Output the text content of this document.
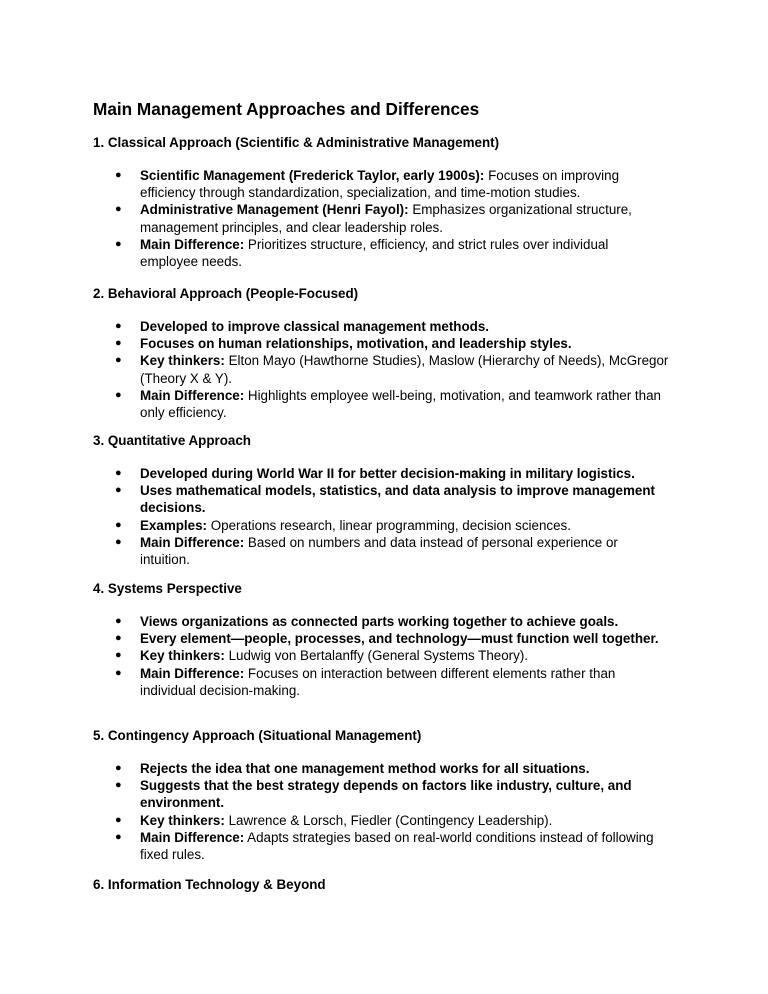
Main Management Approaches and Differences
1. Classical Approach (Scientific & Administrative Management)
● Scientific Management (Frederick Taylor, early 1900s): Focuses on improving efficiency through standardization, specialization, and time-motion studies.
● Administrative Management (Henri Fayol): Emphasizes organizational structure, management principles, and clear leadership roles.
● Main Difference: Prioritizes structure, efficiency, and strict rules over individual employee needs.
2. Behavioral Approach (People-Focused)
● Developed to improve classical management methods.
● Focuses on human relationships, motivation, and leadership styles.
● Key thinkers: Elton Mayo (Hawthorne Studies), Maslow (Hierarchy of Needs), McGregor (Theory X & Y).
● Main Difference: Highlights employee well-being, motivation, and teamwork rather than only efficiency.
3. Quantitative Approach
● Developed during World War II for better decision-making in military logistics.
● Uses mathematical models, statistics, and data analysis to improve management decisions.
● Examples: Operations research, linear programming, decision sciences.
● Main Difference: Based on numbers and data instead of personal experience or intuition.
4. Systems Perspective
● Views organizations as connected parts working together to achieve goals.
● Every element—people, processes, and technology—must function well together.
● Key thinkers: Ludwig von Bertalanffy (General Systems Theory).
● Main Difference: Focuses on interaction between different elements rather than individual decision-making.
5. Contingency Approach (Situational Management)
● Rejects the idea that one management method works for all situations.
● Suggests that the best strategy depends on factors like industry, culture, and environment.
● Key thinkers: Lawrence & Lorsch, Fiedler (Contingency Leadership).
● Main Difference: Adapts strategies based on real-world conditions instead of following fixed rules.
6. Information Technology & Beyond
